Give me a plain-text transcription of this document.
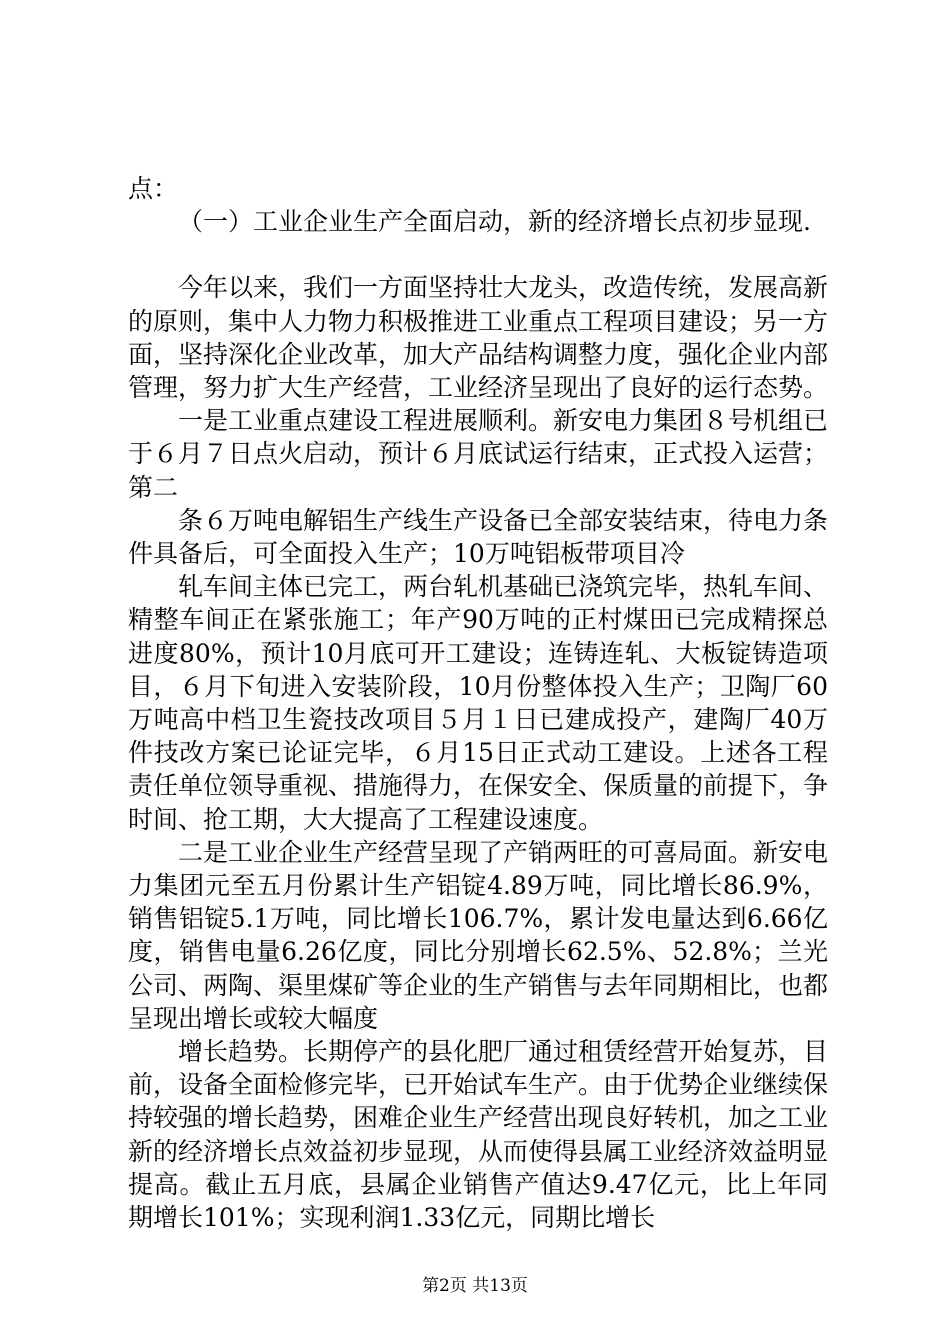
点：

（一）工业企业生产全面启动，新的经济增长点初步显现.

今年以来，我们一方面坚持壮大龙头，改造传统，发展高新的原则，集中人力物力积极推进工业重点工程项目建设；另一方面，坚持深化企业改革，加大产品结构调整力度，强化企业内部管理，努力扩大生产经营，工业经济呈现出了良好的运行态势。

一是工业重点建设工程进展顺利。新安电力集团８号机组已于６月７日点火启动，预计６月底试运行结束，正式投入运营；第二

条６万吨电解铝生产线生产设备已全部安装结束，待电力条件具备后，可全面投入生产；10万吨铝板带项目冷

轧车间主体已完工，两台轧机基础已浇筑完毕，热轧车间、精整车间正在紧张施工；年产90万吨的正村煤田已完成精探总进度80%，预计10月底可开工建设；连铸连轧、大板锭铸造项目，６月下旬进入安装阶段，10月份整体投入生产；卫陶厂60万吨高中档卫生瓷技改项目５月１日已建成投产，建陶厂40万件技改方案已论证完毕，６月15日正式动工建设。上述各工程责任单位领导重视、措施得力，在保安全、保质量的前提下，争时间、抢工期，大大提高了工程建设速度。

二是工业企业生产经营呈现了产销两旺的可喜局面。新安电力集团元至五月份累计生产铝锭4.89万吨，同比增长86.9%，销售铝锭5.1万吨，同比增长106.7%，累计发电量达到6.66亿度，销售电量6.26亿度，同比分别增长62.5%、52.8%；兰光公司、两陶、渠里煤矿等企业的生产销售与去年同期相比，也都呈现出增长或较大幅度

增长趋势。长期停产的县化肥厂通过租赁经营开始复苏，目前，设备全面检修完毕，已开始试车生产。由于优势企业继续保持较强的增长趋势，困难企业生产经营出现良好转机，加之工业新的经济增长点效益初步显现，从而使得县属工业经济效益明显提高。截止五月底，县属企业销售产值达9.47亿元，比上年同期增长101%；实现利润1.33亿元，同期比增长

第2页 共13页
